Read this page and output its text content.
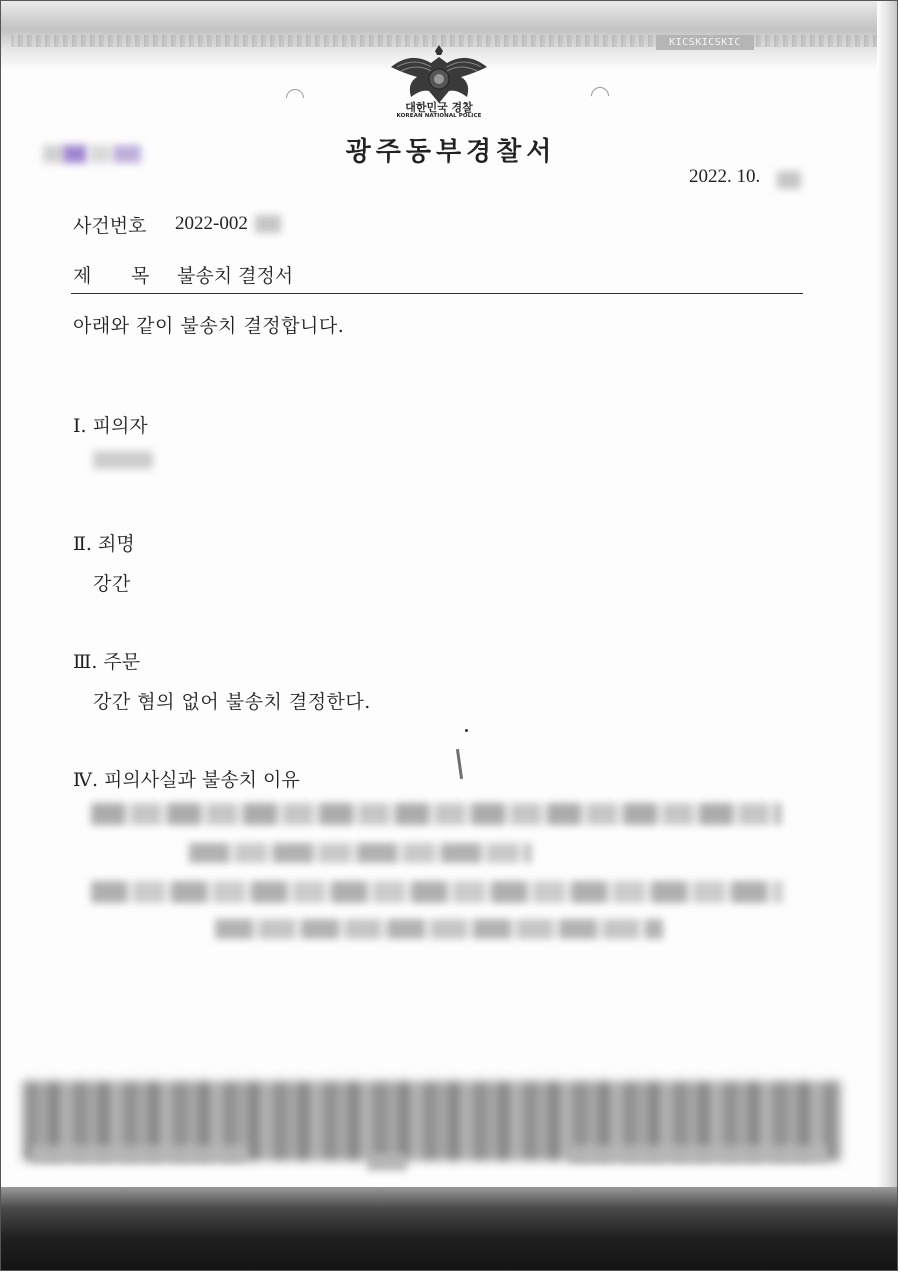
KICSKICSKIC
대한민국 경찰
KOREAN NATIONAL POLICE
광주동부경찰서
2022. 10.
사건번호 2022-002
제 목 불송치 결정서
아래와 같이 불송치 결정합니다.
Ⅰ. 피의자
Ⅱ. 죄명
강간
Ⅲ. 주문
강간 혐의 없어 불송치 결정한다.
Ⅳ. 피의사실과 불송치 이유
